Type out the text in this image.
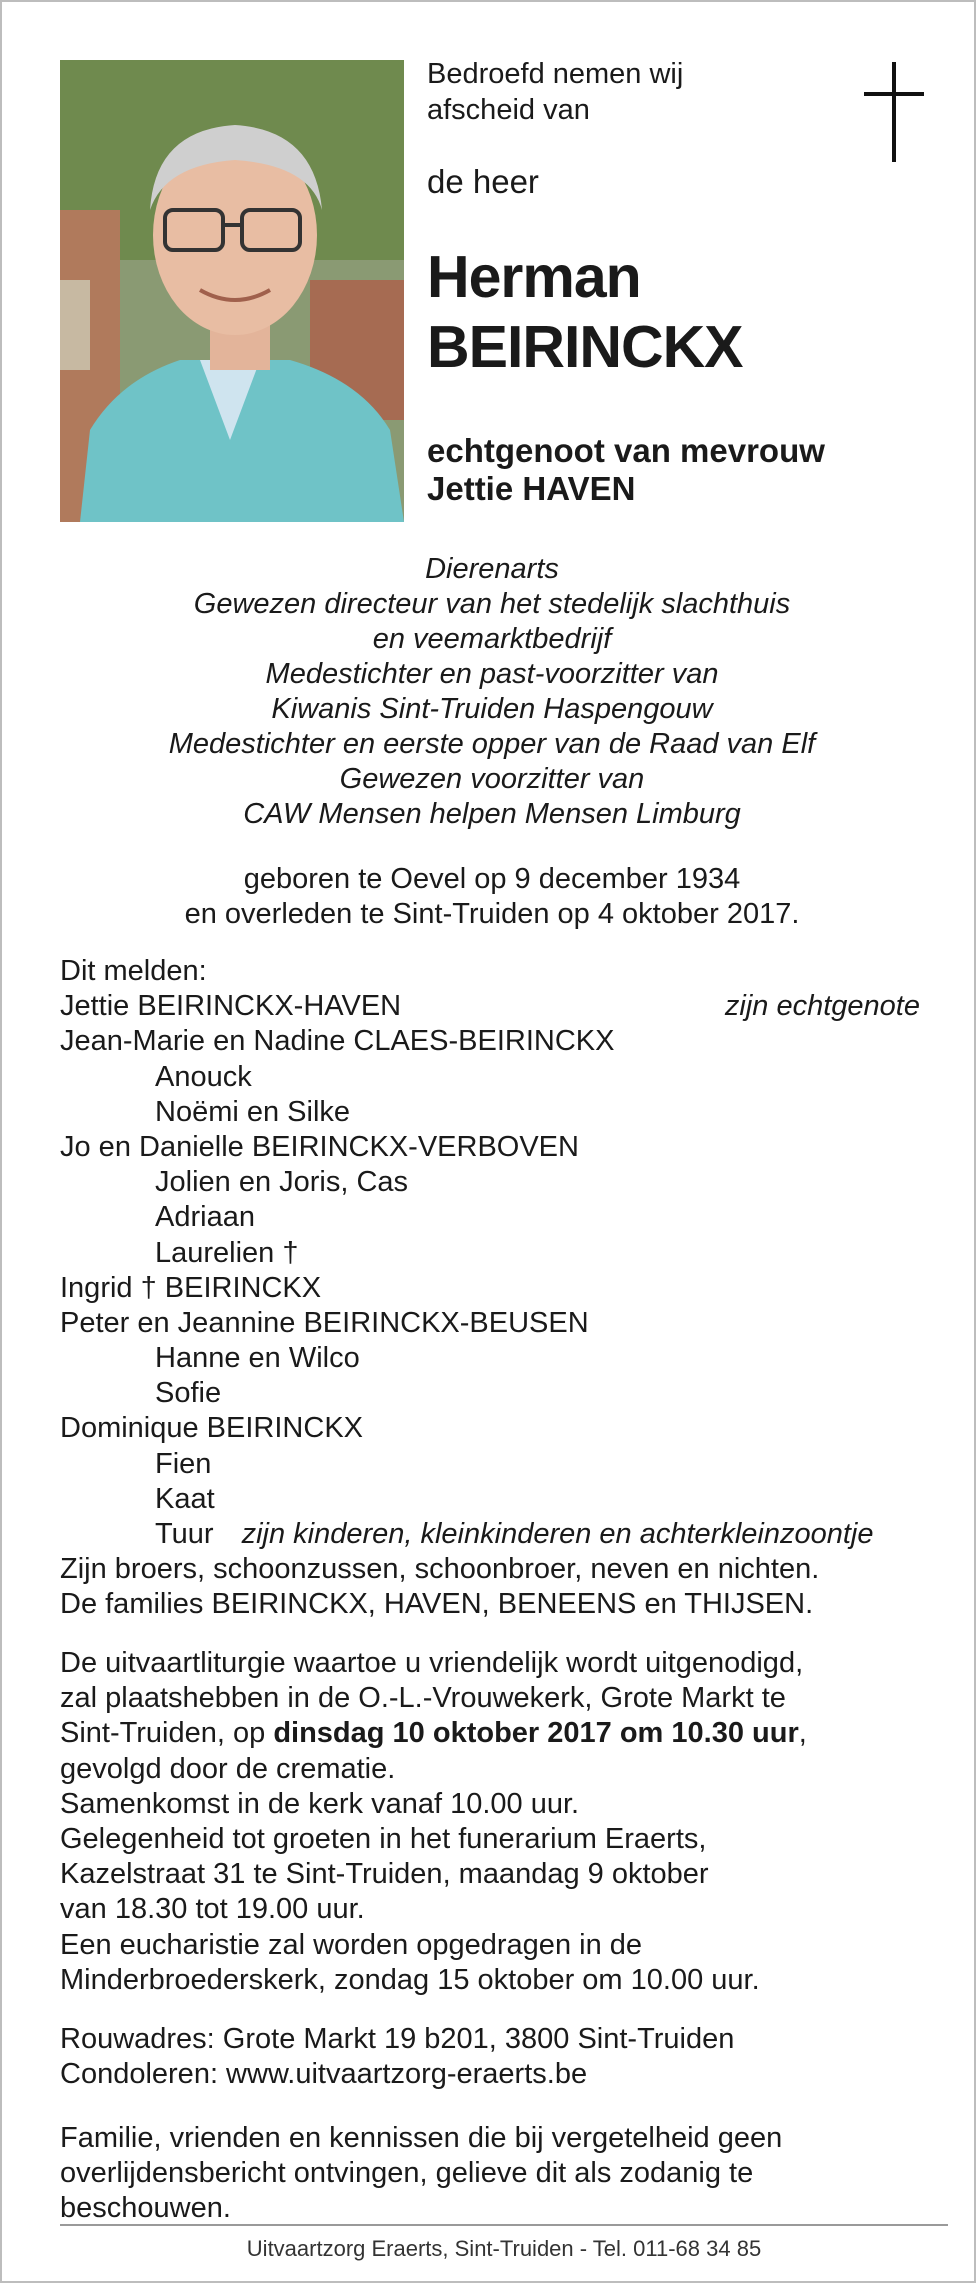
Bedroefd nemen wij
afscheid van
de heer
Herman
BEIRINCKX
echtgenoot van mevrouw
Jettie HAVEN
Dierenarts
Gewezen directeur van het stedelijk slachthuis
en veemarktbedrijf
Medestichter en past-voorzitter van
Kiwanis Sint-Truiden Haspengouw
Medestichter en eerste opper van de Raad van Elf
Gewezen voorzitter van
CAW Mensen helpen Mensen Limburg
geboren te Oevel op 9 december 1934
en overleden te Sint-Truiden op 4 oktober 2017.
Dit melden:
Jettie BEIRINCKX-HAVEN	zijn echtgenote
Jean-Marie en Nadine CLAES-BEIRINCKX
Anouck
Noëmi en Silke
Jo en Danielle BEIRINCKX-VERBOVEN
Jolien en Joris, Cas
Adriaan
Laurelien †
Ingrid † BEIRINCKX
Peter en Jeannine BEIRINCKX-BEUSEN
Hanne en Wilco
Sofie
Dominique BEIRINCKX
Fien
Kaat
Tuur zijn kinderen, kleinkinderen en achterkleinzoontje
Zijn broers, schoonzussen, schoonbroer, neven en nichten.
De families BEIRINCKX, HAVEN, BENEENS en THIJSEN.
De uitvaartliturgie waartoe u vriendelijk wordt uitgenodigd,
zal plaatshebben in de O.-L.-Vrouwekerk, Grote Markt te
Sint-Truiden, op dinsdag 10 oktober 2017 om 10.30 uur,
gevolgd door de crematie.
Samenkomst in de kerk vanaf 10.00 uur.
Gelegenheid tot groeten in het funerarium Eraerts,
Kazelstraat 31 te Sint-Truiden, maandag 9 oktober
van 18.30 tot 19.00 uur.
Een eucharistie zal worden opgedragen in de
Minderbroederskerk, zondag 15 oktober om 10.00 uur.
Rouwadres: Grote Markt 19 b201, 3800 Sint-Truiden
Condoleren: www.uitvaartzorg-eraerts.be
Familie, vrienden en kennissen die bij vergetelheid geen
overlijdensbericht ontvingen, gelieve dit als zodanig te
beschouwen.
Uitvaartzorg Eraerts, Sint-Truiden - Tel. 011-68 34 85
